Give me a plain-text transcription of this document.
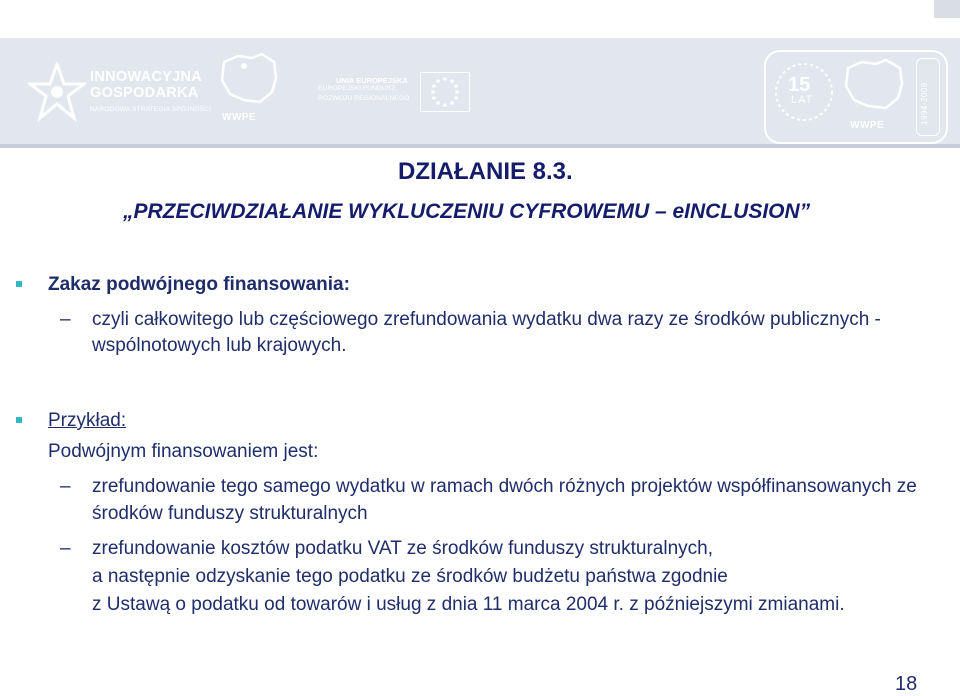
INNOWACYJNA
GOSPODARKA
NARODOWA STRATEGIA SPÓJNOŚCI
WWPE
UNIA EUROPEJSKA
EUROPEJSKI FUNDUSZ
ROZWOJU REGIONALNEGO
15
LAT
WWPE
1994-2009
DZIAŁANIE 8.3.
„PRZECIWDZIAŁANIE WYKLUCZENIU CYFROWEMU – eINCLUSION”
Zakaz podwójnego finansowania:
– czyli całkowitego lub częściowego zrefundowania wydatku dwa razy ze środków publicznych -
wspólnotowych lub krajowych.
Przykład:
Podwójnym finansowaniem jest:
– zrefundowanie tego samego wydatku w ramach dwóch różnych projektów współfinansowanych ze
środków funduszy strukturalnych
– zrefundowanie kosztów podatku VAT ze środków funduszy strukturalnych,
a następnie odzyskanie tego podatku ze środków budżetu państwa zgodnie
z Ustawą o podatku od towarów i usług z dnia 11 marca 2004 r. z późniejszymi zmianami.
18
